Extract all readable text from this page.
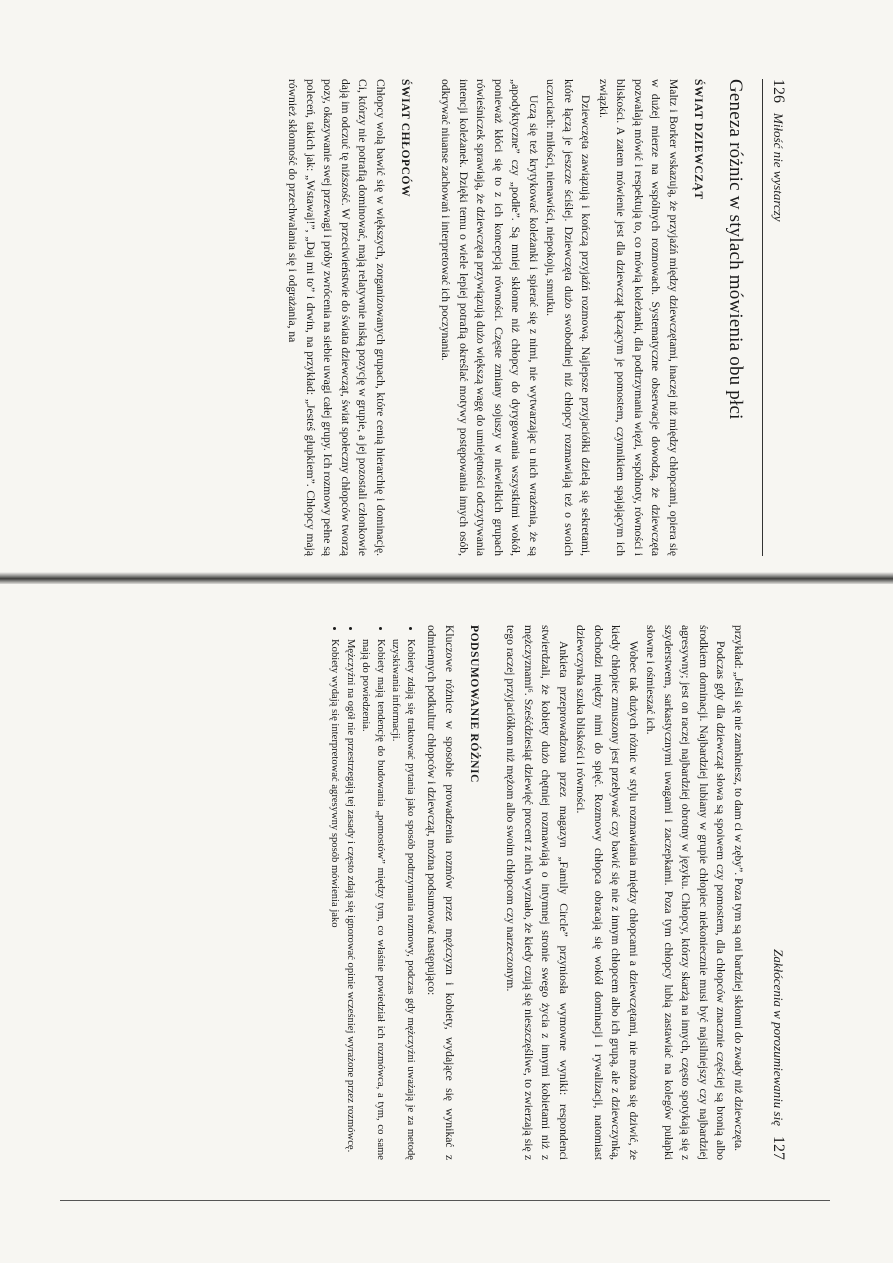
126
Miłość nie wystarczy
Geneza różnic w stylach mówienia obu płci
ŚWIAT DZIEWCZĄT

Maltz i Borker wskazują, że przyjaźń między dziewczętami, inaczej niż między chłopcami, opiera się w dużej mierze na wspólnych rozmowach. Systematyczne obserwacje dowodzą, że dziewczęta pozwalają mówić i respektują to, co mówią koleżanki, dla podtrzymania więzi, wspólnoty, równości i bliskości. A zatem mówienie jest dla dziewcząt łączącym je pomostem, czynnikiem spajającym ich związki.

Dziewczęta zawiązują i kończą przyjaźń rozmową. Najlepsze przyjaciółki dzielą się sekretami, które łączą je jeszcze ściślej. Dziewczęta dużo swobodniej niż chłopcy rozmawiają też o swoich uczuciach: miłości, nienawiści, niepokoju, smutku.

Uczą się też krytykować koleżanki i spierać się z nimi, nie wytwarzając u nich wrażenia, że są „apodyktyczne” czy „podłe”. Są mniej skłonne niż chłopcy do dyrygowania wszystkimi wokół, ponieważ kłóci się to z ich koncepcją równości. Częste zmiany sojuszy w niewielkich grupach rówieśniczek sprawiają, że dziewczęta przywiązują dużo większą wagę do umiejętności odczytywania intencji koleżanek. Dzięki temu o wiele lepiej potrafią określać motywy postępowania innych osób, odkrywać niuanse zachowań i interpretować ich poczynania.

ŚWIAT CHŁOPCÓW

Chłopcy wolą bawić się w większych, zorganizowanych grupach, które cenią hierarchię i dominację. Ci, którzy nie potrafią dominować, mają relatywnie niską pozycję w grupie, a jej pozostali członkowie dają im odczuć tę niższość. W przeciwieństwie do świata dziewcząt, świat społeczny chłopców tworzą pozy, okazywanie swej przewagi i próby zwrócenia na siebie uwagi całej grupy. Ich rozmowy pełne są poleceń, takich jak: „Wstawaj!”, „Daj mi to” i drwin, na przykład: „Jesteś głupkiem”. Chłopcy mają również skłonność do przechwalania się i odgrażania, na

Zakłócenia w porozumiewaniu się
127

przykład: „Jeśli się nie zamkniesz, to dam ci w zęby”. Poza tym są oni bardziej skłonni do zwady niż dziewczęta.

Podczas gdy dla dziewcząt słowa są spoiwem czy pomostem, dla chłopców znacznie częściej są bronią albo środkiem dominacji. Najbardziej lubiany w grupie chłopiec niekoniecznie musi być najsilniejszy czy najbardziej agresywny; jest on raczej najbardziej obrotny w języku. Chłopcy, którzy skarżą na innych, często spotykają się z szyderstwem, sarkastycznymi uwagami i zaczepkami. Poza tym chłopcy lubią zastawiać na kolegów pułapki słowne i ośmieszać ich.

Wobec tak dużych różnic w stylu rozmawiania między chłopcami a dziewczętami, nie można się dziwić, że kiedy chłopiec zmuszony jest przebywać czy bawić się nie z innym chłopcem albo ich grupą, ale z dziewczynką, dochodzi między nimi do spięć. Rozmowy chłopca obracają się wokół dominacji i rywalizacji, natomiast dziewczynka szuka bliskości i równości.

Ankieta przeprowadzona przez magazyn „Family Circle” przyniosła wymowne wyniki: respondenci stwierdzali, że kobiety dużo chętniej rozmawiają o intymnej stronie swego życia z innymi kobietami niż z mężczyznami⁶. Sześćdziesiąt dziewięć procent z nich wyznało, że kiedy czują się nieszczęśliwe, to zwierzają się z tego raczej przyjaciółkom niż mężom albo swoim chłopcom czy narzeczonym.

PODSUMOWANIE RÓŻNIC

Kluczowe różnice w sposobie prowadzenia rozmów przez mężczyzn i kobiety, wydające się wynikać z odmiennych podkultur chłopców i dziewcząt, można podsumować następująco:

• Kobiety zdają się traktować pytania jako sposób podtrzymania rozmowy, podczas gdy mężczyźni uważają je za metodę uzyskiwania informacji.
• Kobiety mają tendencję do budowania „pomostów” między tym, co właśnie powiedział ich rozmówca, a tym, co same mają do powiedzenia.
• Mężczyźni na ogół nie przestrzegają tej zasady i często zdają się ignorować opinie wcześniej wyrażone przez rozmówcę.
• Kobiety wydają się interpretować agresywny sposób mówienia jako
